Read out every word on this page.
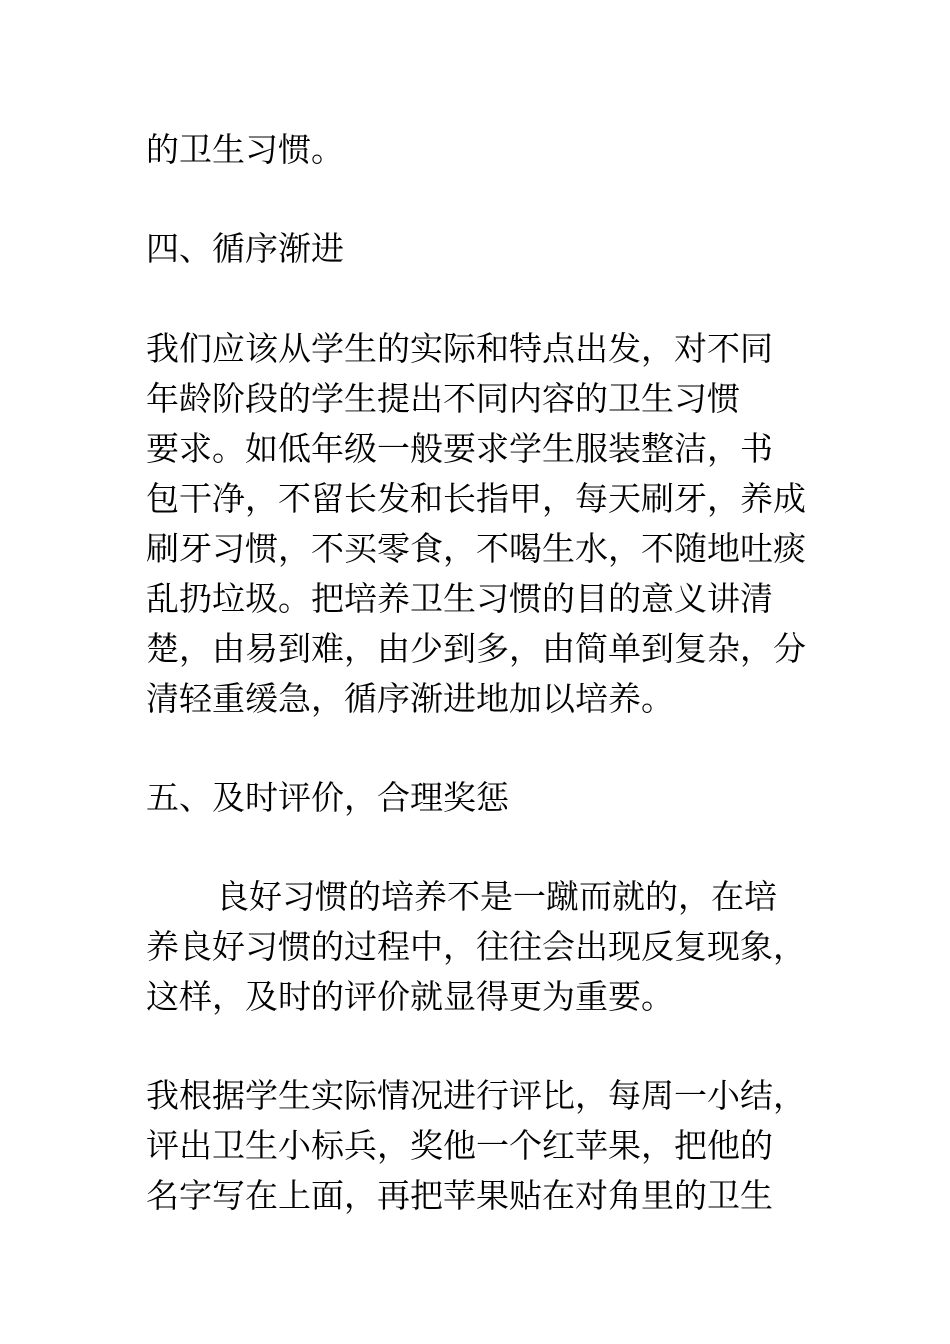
的卫生习惯。
四、循序渐进
我们应该从学生的实际和特点出发，对不同
年龄阶段的学生提出不同内容的卫生习惯
要求。如低年级一般要求学生服装整洁，书
包干净，不留长发和长指甲，每天刷牙，养成
刷牙习惯，不买零食，不喝生水，不随地吐痰
乱扔垃圾。把培养卫生习惯的目的意义讲清
楚，由易到难，由少到多，由简单到复杂，分
清轻重缓急，循序渐进地加以培养。
五、及时评价，合理奖惩
良好习惯的培养不是一蹴而就的，在培
养良好习惯的过程中，往往会出现反复现象，
这样，及时的评价就显得更为重要。
我根据学生实际情况进行评比，每周一小结，
评出卫生小标兵，奖他一个红苹果，把他的
名字写在上面，再把苹果贴在对角里的卫生
